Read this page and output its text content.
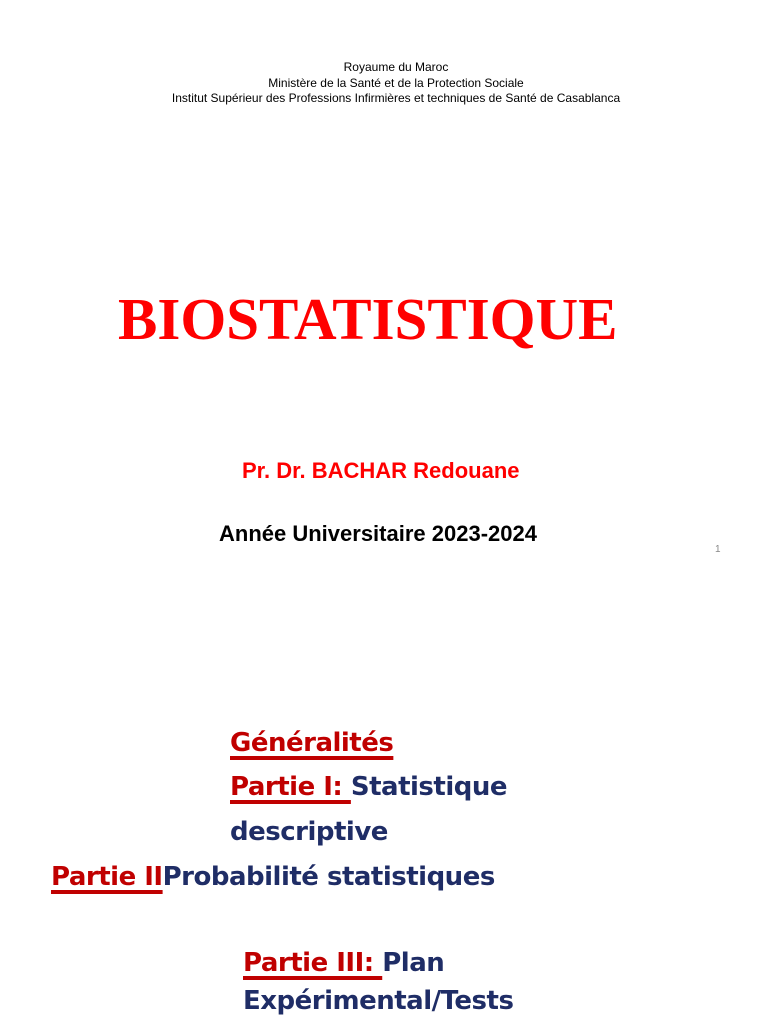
Royaume du Maroc
Ministère de la Santé et de la Protection Sociale
Institut Supérieur des Professions Infirmières et techniques de Santé de Casablanca
BIOSTATISTIQUE
Pr. Dr. BACHAR Redouane
Année Universitaire 2023-2024
1
Généralités
Partie I: Statistique
descriptive
Partie IIProbabilité statistiques
Partie III: Plan
Expérimental/Tests
